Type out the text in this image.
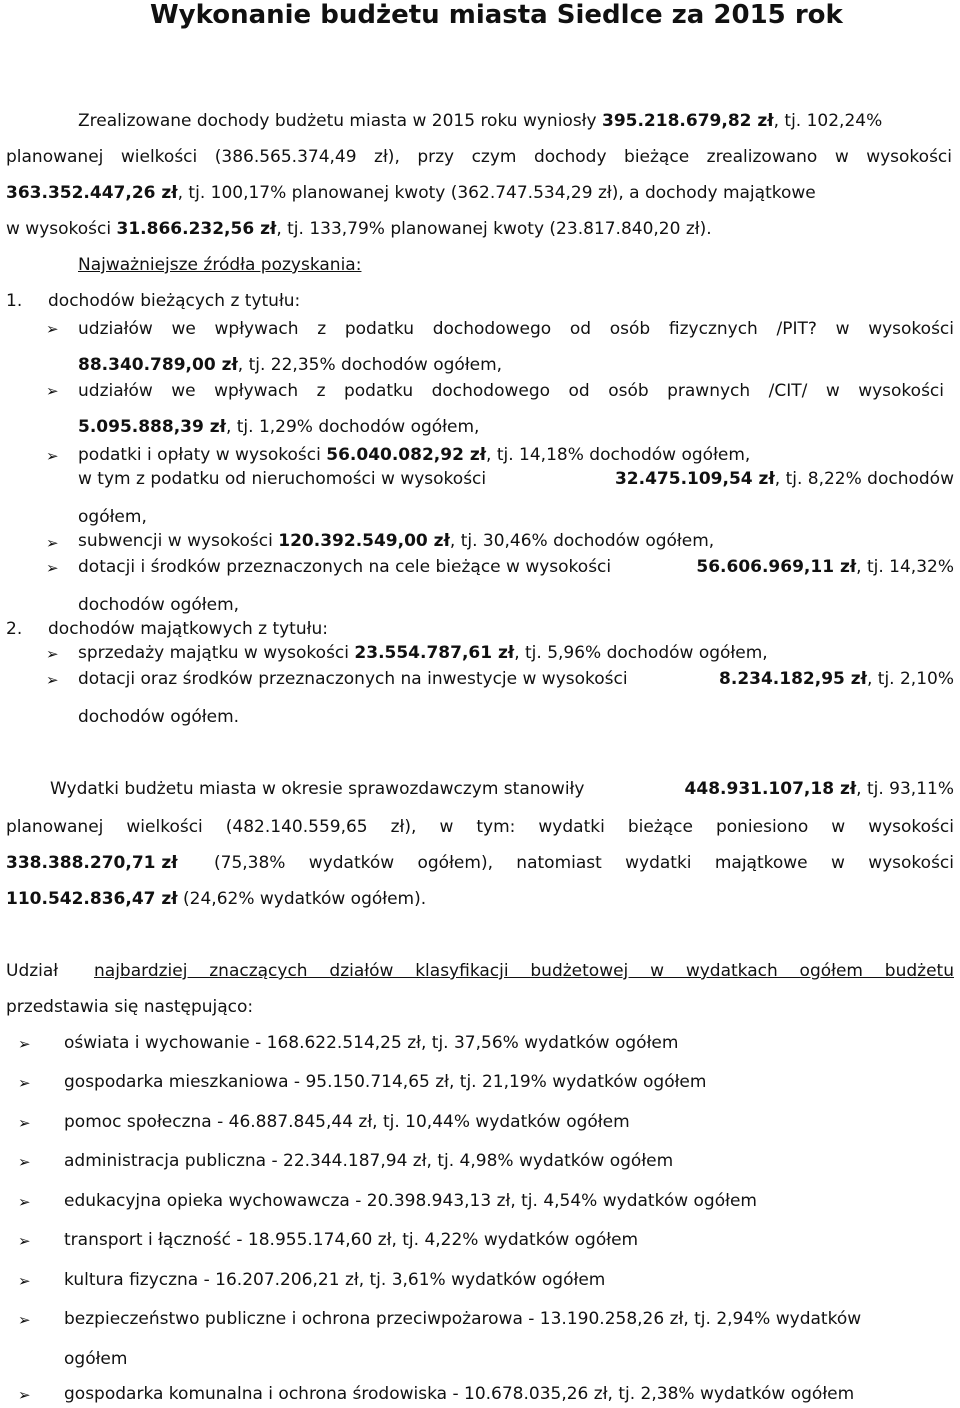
Wykonanie budżetu miasta Siedlce za 2015 rok
Zrealizowane dochody budżetu miasta w 2015 roku wyniosły 395.218.679,82 zł, tj. 102,24%
planowanej wielkości (386.565.374,49 zł), przy czym dochody bieżące zrealizowano w wysokości
363.352.447,26 zł, tj. 100,17% planowanej kwoty (362.747.534,29 zł), a dochody majątkowe
w wysokości 31.866.232,56 zł, tj. 133,79% planowanej kwoty (23.817.840,20 zł).
Najważniejsze źródła pozyskania:
1. dochodów bieżących z tytułu:
➢ udziałów we wpływach z podatku dochodowego od osób fizycznych /PIT? w wysokości
88.340.789,00 zł, tj. 22,35% dochodów ogółem,
➢ udziałów we wpływach z podatku dochodowego od osób prawnych /CIT/ w wysokości
5.095.888,39 zł, tj. 1,29% dochodów ogółem,
➢ podatki i opłaty w wysokości 56.040.082,92 zł, tj. 14,18% dochodów ogółem,
w tym z podatku od nieruchomości w wysokości	32.475.109,54 zł, tj. 8,22% dochodów
ogółem,
➢ subwencji w wysokości 120.392.549,00 zł, tj. 30,46% dochodów ogółem,
➢ dotacji i środków przeznaczonych na cele bieżące w wysokości	56.606.969,11 zł, tj. 14,32%
dochodów ogółem,
2. dochodów majątkowych z tytułu:
➢ sprzedaży majątku w wysokości 23.554.787,61 zł, tj. 5,96% dochodów ogółem,
➢ dotacji oraz środków przeznaczonych na inwestycje w wysokości	8.234.182,95 zł, tj. 2,10%
dochodów ogółem.
Wydatki budżetu miasta w okresie sprawozdawczym stanowiły	448.931.107,18 zł, tj. 93,11%
planowanej wielkości (482.140.559,65 zł), w tym: wydatki bieżące poniesiono w wysokości
338.388.270,71 zł (75,38% wydatków ogółem), natomiast wydatki majątkowe w wysokości
110.542.836,47 zł (24,62% wydatków ogółem).
Udział najbardziej znaczących działów klasyfikacji budżetowej w wydatkach ogółem budżetu
przedstawia się następująco:
➢ oświata i wychowanie - 168.622.514,25 zł, tj. 37,56% wydatków ogółem
➢ gospodarka mieszkaniowa - 95.150.714,65 zł, tj. 21,19% wydatków ogółem
➢ pomoc społeczna - 46.887.845,44 zł, tj. 10,44% wydatków ogółem
➢ administracja publiczna - 22.344.187,94 zł, tj. 4,98% wydatków ogółem
➢ edukacyjna opieka wychowawcza - 20.398.943,13 zł, tj. 4,54% wydatków ogółem
➢ transport i łączność - 18.955.174,60 zł, tj. 4,22% wydatków ogółem
➢ kultura fizyczna - 16.207.206,21 zł, tj. 3,61% wydatków ogółem
➢ bezpieczeństwo publiczne i ochrona przeciwpożarowa - 13.190.258,26 zł, tj. 2,94% wydatków
ogółem
➢ gospodarka komunalna i ochrona środowiska - 10.678.035,26 zł, tj. 2,38% wydatków ogółem
